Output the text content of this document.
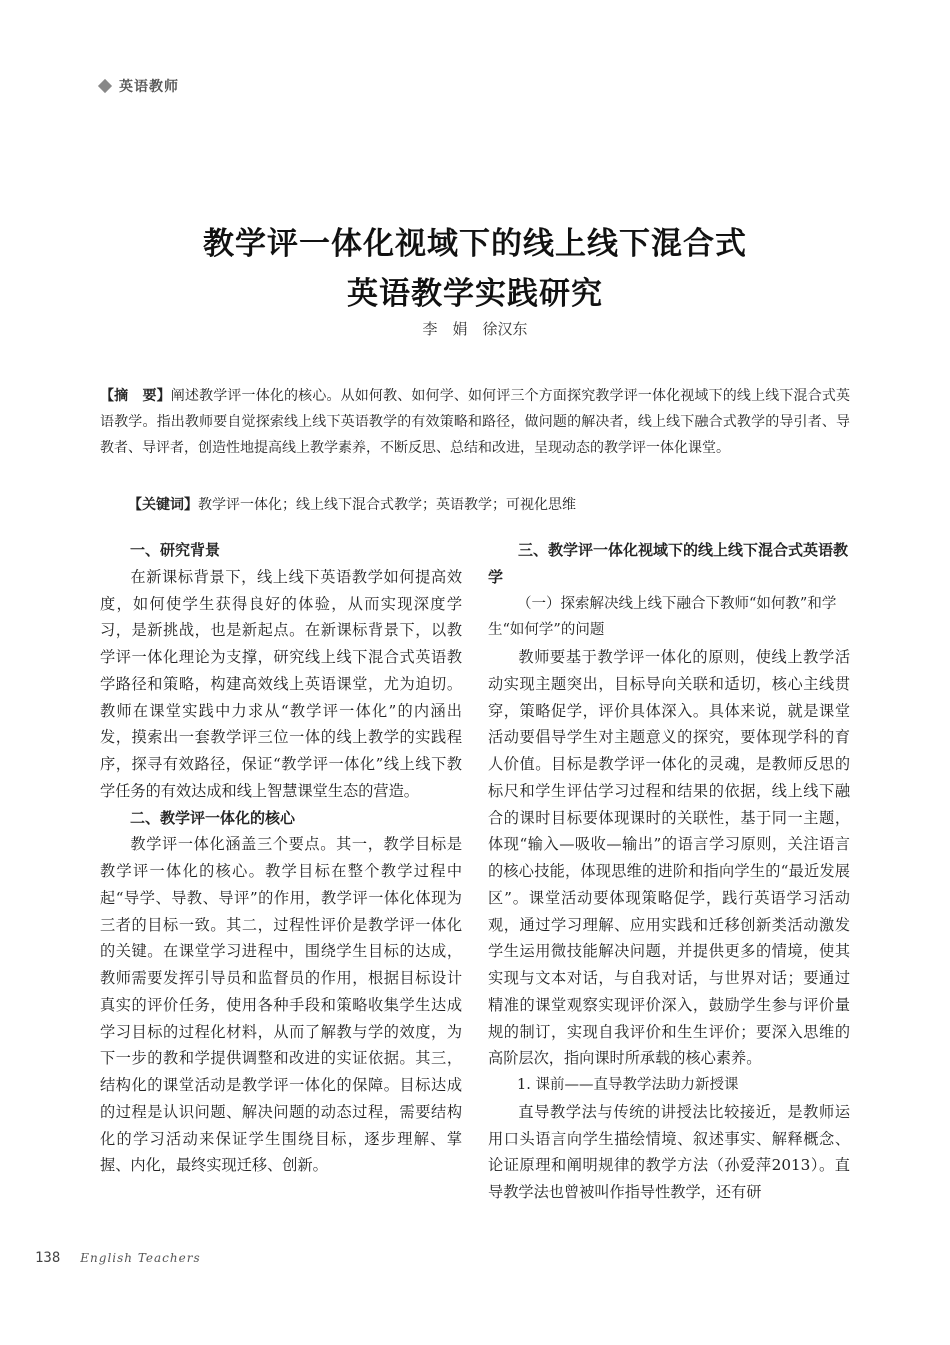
英语教师
教学评一体化视域下的线上线下混合式
英语教学实践研究
李　娟　徐汉东
【摘　要】阐述教学评一体化的核心。从如何教、如何学、如何评三个方面探究教学评一体化视域下的线上线下混合式英语教学。指出教师要自觉探索线上线下英语教学的有效策略和路径，做问题的解决者，线上线下融合式教学的导引者、导教者、导评者，创造性地提高线上教学素养，不断反思、总结和改进，呈现动态的教学评一体化课堂。
【关键词】教学评一体化；线上线下混合式教学；英语教学；可视化思维
一、研究背景

在新课标背景下，线上线下英语教学如何提高效度，如何使学生获得良好的体验，从而实现深度学习，是新挑战，也是新起点。在新课标背景下，以教学评一体化理论为支撑，研究线上线下混合式英语教学路径和策略，构建高效线上英语课堂，尤为迫切。教师在课堂实践中力求从“教学评一体化”的内涵出发，摸索出一套教学评三位一体的线上教学的实践程序，探寻有效路径，保证“教学评一体化”线上线下教学任务的有效达成和线上智慧课堂生态的营造。

二、教学评一体化的核心

教学评一体化涵盖三个要点。其一，教学目标是教学评一体化的核心。教学目标在整个教学过程中起“导学、导教、导评”的作用，教学评一体化体现为三者的目标一致。其二，过程性评价是教学评一体化的关键。在课堂学习进程中，围绕学生目标的达成，教师需要发挥引导员和监督员的作用，根据目标设计真实的评价任务，使用各种手段和策略收集学生达成学习目标的过程化材料，从而了解教与学的效度，为下一步的教和学提供调整和改进的实证依据。其三，结构化的课堂活动是教学评一体化的保障。目标达成的过程是认识问题、解决问题的动态过程，需要结构化的学习活动来保证学生围绕目标，逐步理解、掌握、内化，最终实现迁移、创新。

三、教学评一体化视域下的线上线下混合式英语教学
（一）探索解决线上线下融合下教师“如何教”和学生“如何学”的问题

教师要基于教学评一体化的原则，使线上教学活动实现主题突出，目标导向关联和适切，核心主线贯穿，策略促学，评价具体深入。具体来说，就是课堂活动要倡导学生对主题意义的探究，要体现学科的育人价值。目标是教学评一体化的灵魂，是教师反思的标尺和学生评估学习过程和结果的依据，线上线下融合的课时目标要体现课时的关联性，基于同一主题，体现“输入—吸收—输出”的语言学习原则，关注语言的核心技能，体现思维的进阶和指向学生的“最近发展区”。课堂活动要体现策略促学，践行英语学习活动观，通过学习理解、应用实践和迁移创新类活动激发学生运用微技能解决问题，并提供更多的情境，使其实现与文本对话，与自我对话，与世界对话；要通过精准的课堂观察实现评价深入，鼓励学生参与评价量规的制订，实现自我评价和生生评价；要深入思维的高阶层次，指向课时所承载的核心素养。

1. 课前——直导教学法助力新授课

直导教学法与传统的讲授法比较接近，是教师运用口头语言向学生描绘情境、叙述事实、解释概念、论证原理和阐明规律的教学方法（孙爱萍2013）。直导教学法也曾被叫作指导性教学，还有研

138 English Teachers
